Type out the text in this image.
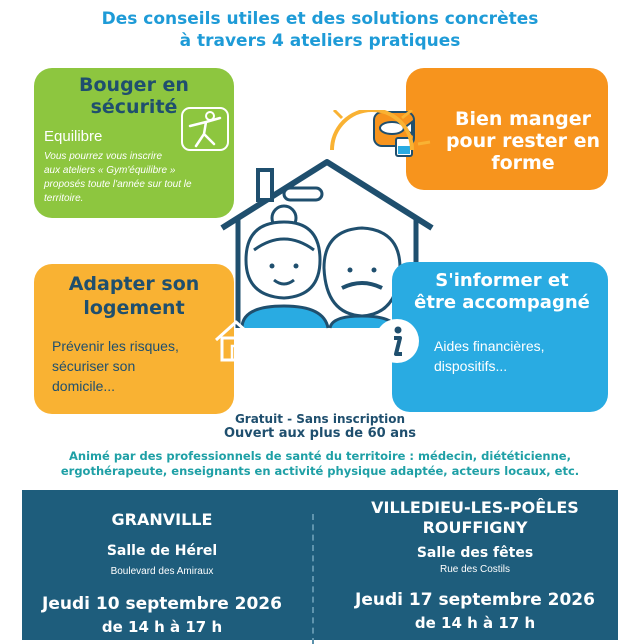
Des conseils utiles et des solutions concrètes
à travers 4 ateliers pratiques
Bouger en
sécurité
Equilibre
Vous pourrez vous inscrire
aux ateliers « Gym'équilibre »
proposés toute l'année sur tout le
territoire.
Bien manger
pour rester en
forme
Adapter son
logement
Prévenir les risques,
sécuriser son
domicile...
S'informer et
être accompagné
Aides financières,
dispositifs...
Gratuit - Sans inscription
Ouvert aux plus de 60 ans
Animé par des professionnels de santé du territoire : médecin, diététicienne,
ergothérapeute, enseignants en activité physique adaptée, acteurs locaux, etc.
GRANVILLE
Salle de Hérel
Boulevard des Amiraux
Jeudi 10 septembre 2026
de 14 h à 17 h
VILLEDIEU-LES-POÊLES
ROUFFIGNY
Salle des fêtes
Rue des Costils
Jeudi 17 septembre 2026
de 14 h à 17 h
